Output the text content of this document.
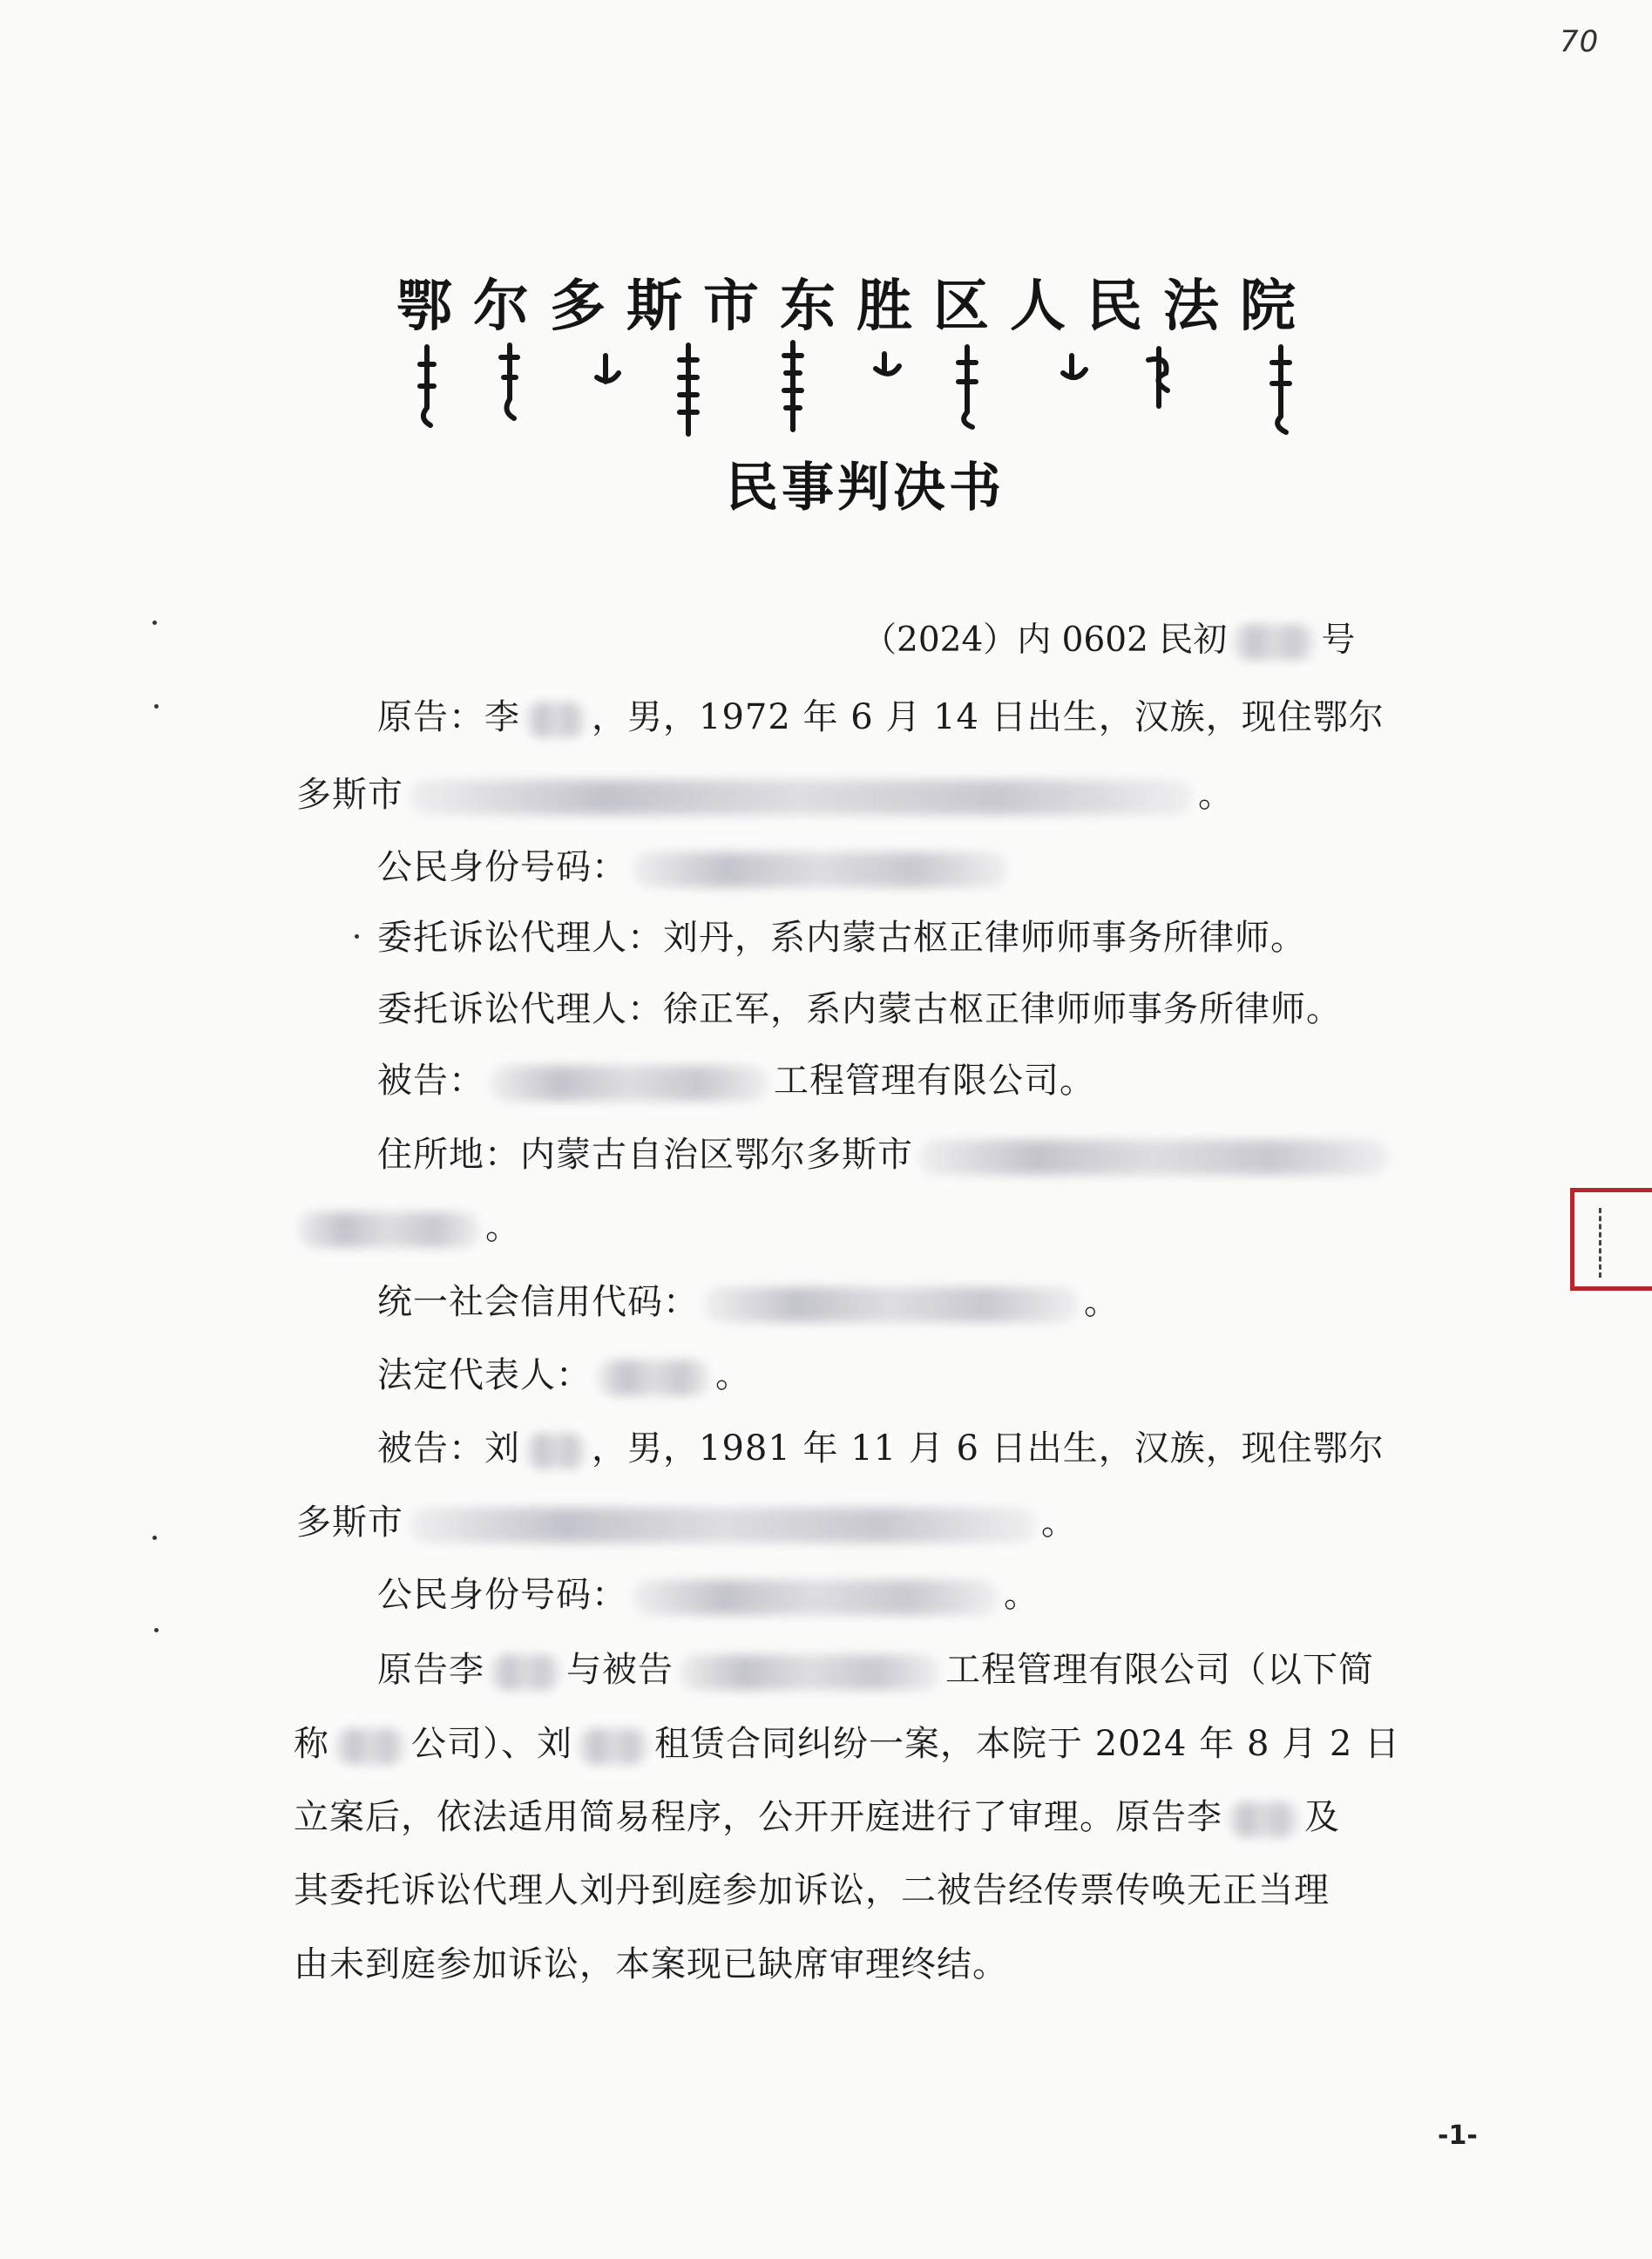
70
鄂尔多斯市东胜区人民法院
民事判决书
（2024）内 0602 民初	号
原告：李 ，男，1972 年 6 月 14 日出生，汉族，现住鄂尔
多斯市	。
公民身份号码：
委托诉讼代理人：刘丹，系内蒙古枢正律师师事务所律师。
委托诉讼代理人：徐正军，系内蒙古枢正律师师事务所律师。
被告：	工程管理有限公司。
住所地：内蒙古自治区鄂尔多斯市
。
统一社会信用代码：	。
法定代表人：	。
被告：刘 ，男，1981 年 11 月 6 日出生，汉族，现住鄂尔
多斯市	。
公民身份号码：	。
原告李 与被告	工程管理有限公司（以下简
称 公司）、刘 租赁合同纠纷一案，本院于 2024 年 8 月 2 日
立案后，依法适用简易程序，公开开庭进行了审理。原告李 及
其委托诉讼代理人刘丹到庭参加诉讼，二被告经传票传唤无正当理
由未到庭参加诉讼，本案现已缺席审理终结。
-1-
